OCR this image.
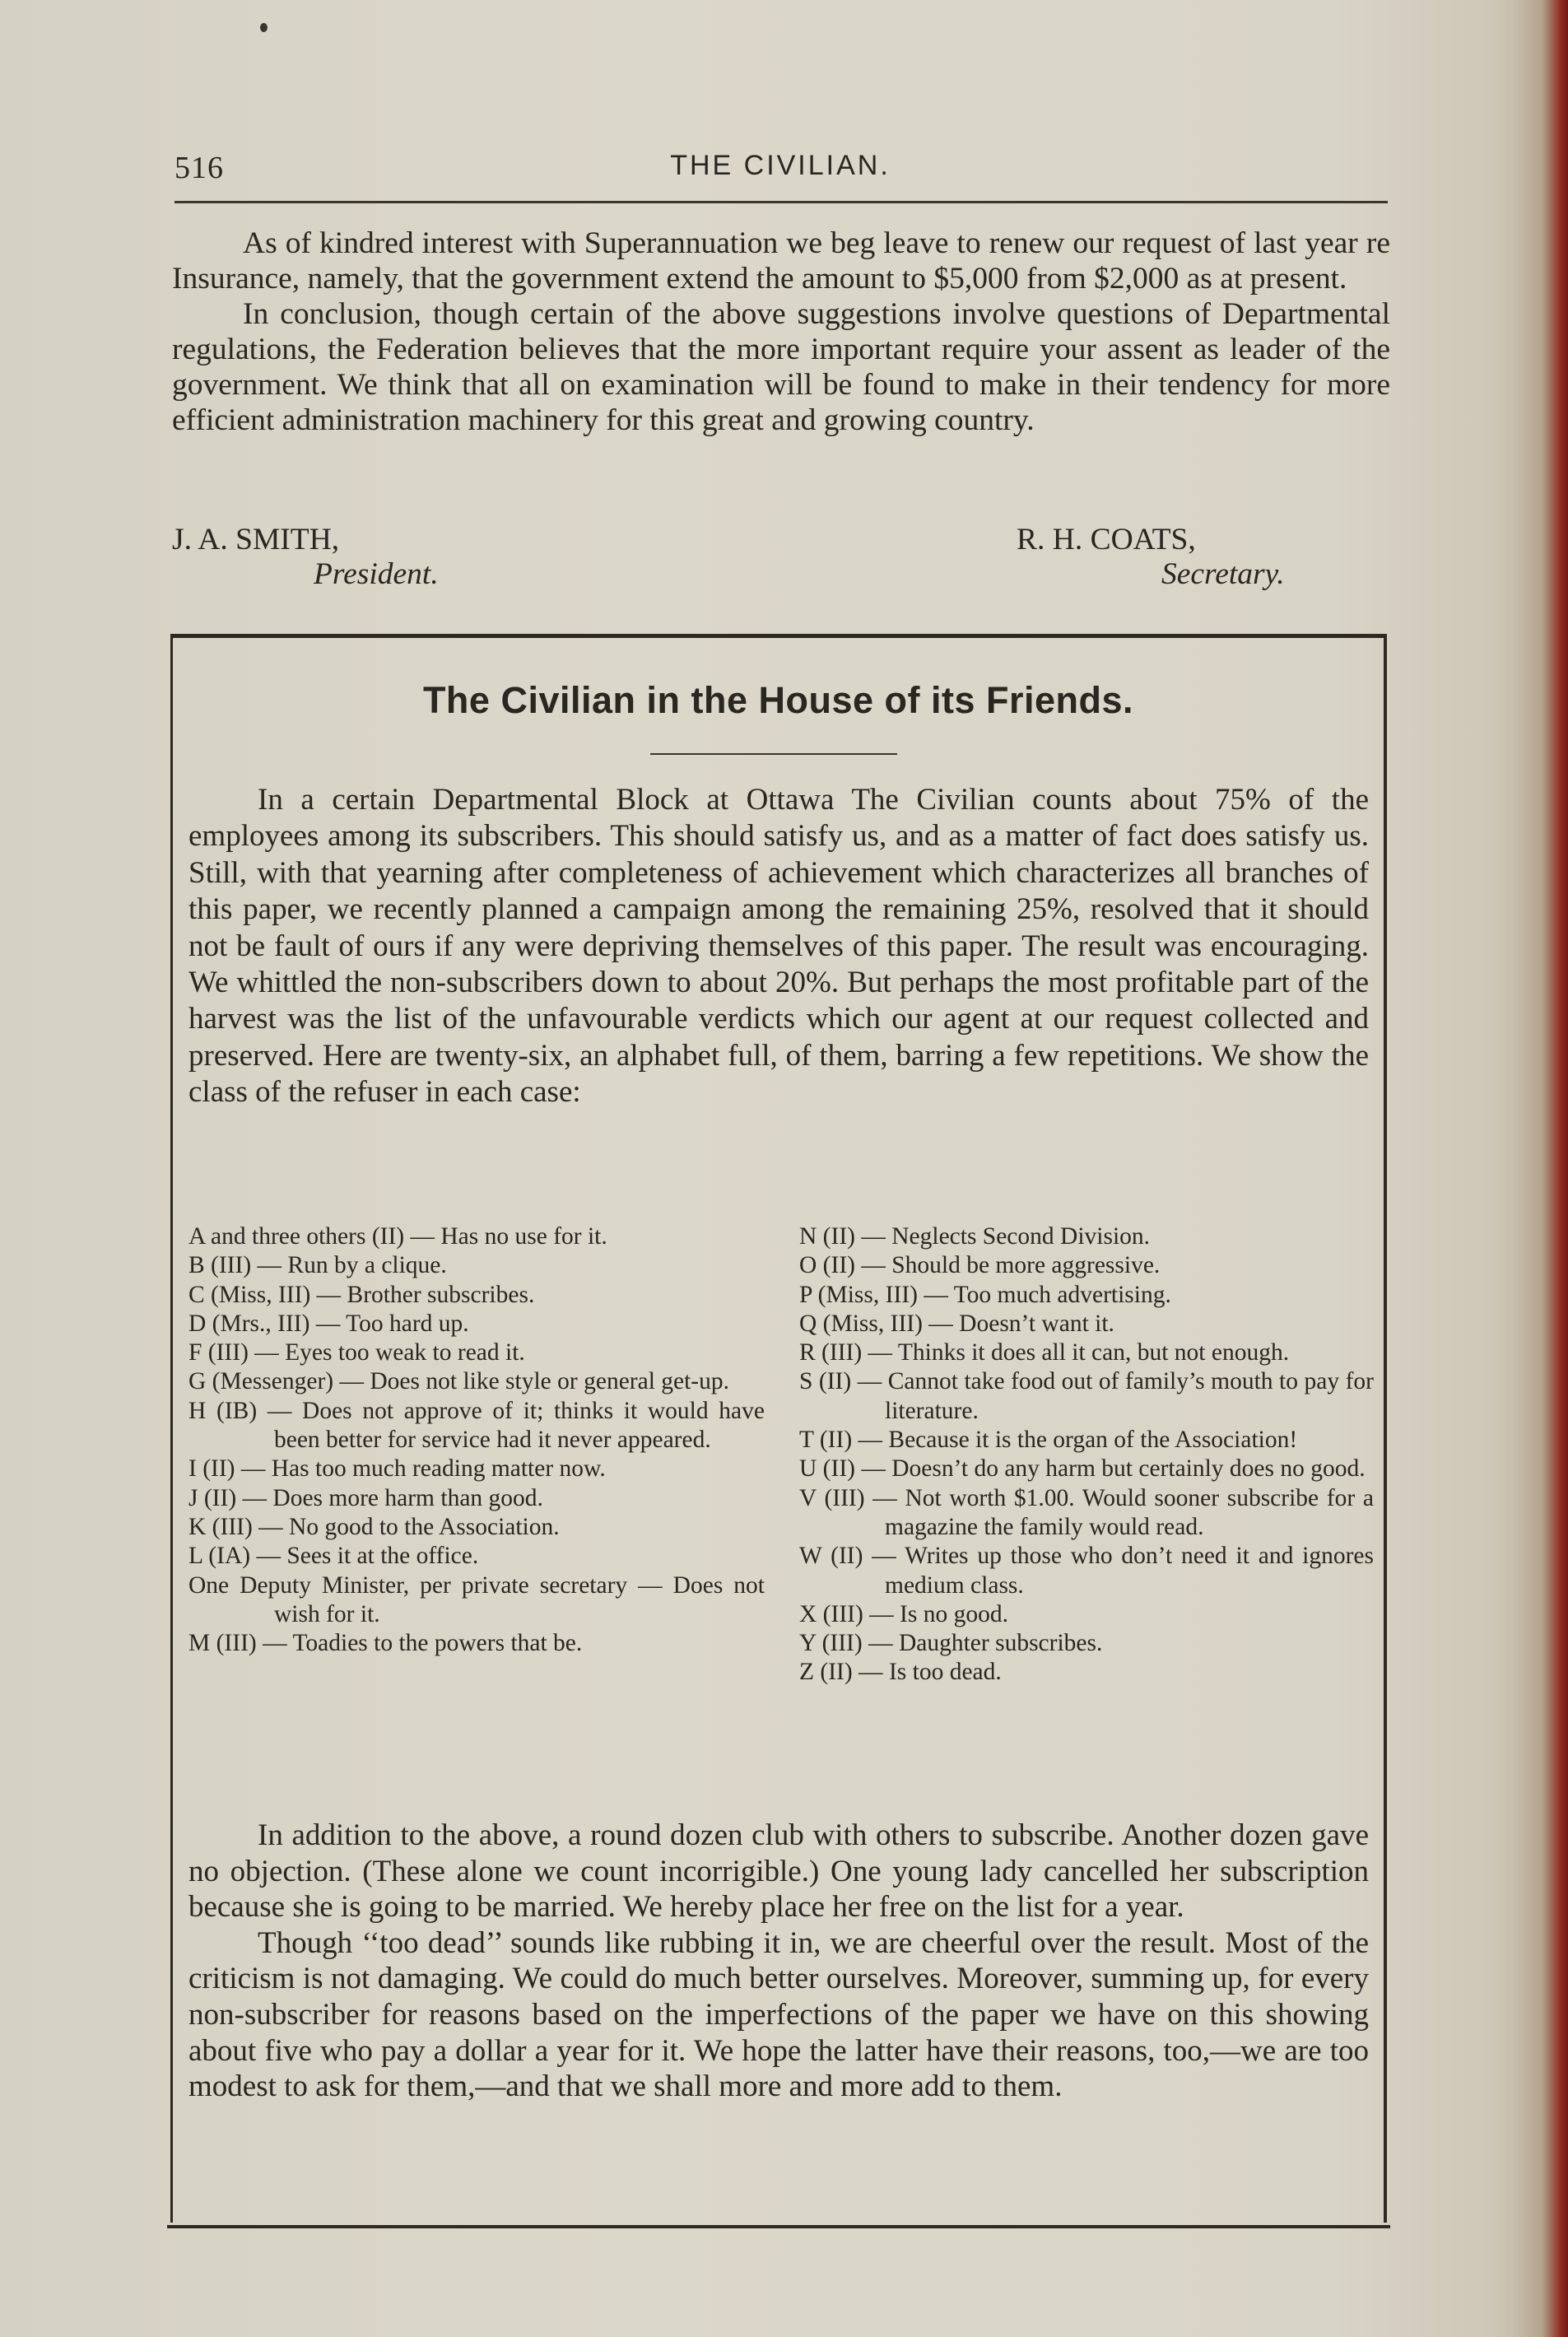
516	THE CIVILIAN.

As of kindred interest with Superannuation we beg leave to renew our request of last year re Insurance, namely, that the government extend the amount to $5,000 from $2,000 as at present.

In conclusion, though certain of the above suggestions involve questions of Departmental regulations, the Federation believes that the more important require your assent as leader of the government. We think that all on examination will be found to make in their tendency for more efficient administration machinery for this great and growing country.

J. A. SMITH,
President.
R. H. COATS,
Secretary.
The Civilian in the House of its Friends.

In a certain Departmental Block at Ottawa The Civilian counts about 75% of the employees among its subscribers. This should satisfy us, and as a matter of fact does satisfy us. Still, with that yearning after completeness of achievement which characterizes all branches of this paper, we recently planned a campaign among the remaining 25%, resolved that it should not be fault of ours if any were depriving themselves of this paper. The result was encouraging. We whittled the non-subscribers down to about 20%. But perhaps the most profitable part of the harvest was the list of the unfavourable verdicts which our agent at our request collected and preserved. Here are twenty-six, an alphabet full, of them, barring a few repetitions. We show the class of the refuser in each case:

A and three others (II) — Has no use for it.
B (III) — Run by a clique.
C (Miss, III) — Brother subscribes.
D (Mrs., III) — Too hard up.
F (III) — Eyes too weak to read it.
G (Messenger) — Does not like style or general get-up.
H (IB) — Does not approve of it; thinks it would have been better for service had it never appeared.
I (II) — Has too much reading matter now.
J (II) — Does more harm than good.
K (III) — No good to the Association.
L (IA) — Sees it at the office.
One Deputy Minister, per private secretary — Does not wish for it.
M (III) — Toadies to the powers that be.
N (II) — Neglects Second Division.
O (II) — Should be more aggressive.
P (Miss, III) — Too much advertising.
Q (Miss, III) — Doesn’t want it.
R (III) — Thinks it does all it can, but not enough.
S (II) — Cannot take food out of family’s mouth to pay for literature.
T (II) — Because it is the organ of the Association!
U (II) — Doesn’t do any harm but certainly does no good.
V (III) — Not worth $1.00. Would sooner subscribe for a magazine the family would read.
W (II) — Writes up those who don’t need it and ignores medium class.
X (III) — Is no good.
Y (III) — Daughter subscribes.
Z (II) — Is too dead.

In addition to the above, a round dozen club with others to subscribe. Another dozen gave no objection. (These alone we count incorrigible.) One young lady cancelled her subscription because she is going to be married. We hereby place her free on the list for a year.

Though ‘‘too dead’’ sounds like rubbing it in, we are cheerful over the result. Most of the criticism is not damaging. We could do much better ourselves. Moreover, summing up, for every non-subscriber for reasons based on the imperfections of the paper we have on this showing about five who pay a dollar a year for it. We hope the latter have their reasons, too,—we are too modest to ask for them,—and that we shall more and more add to them.
